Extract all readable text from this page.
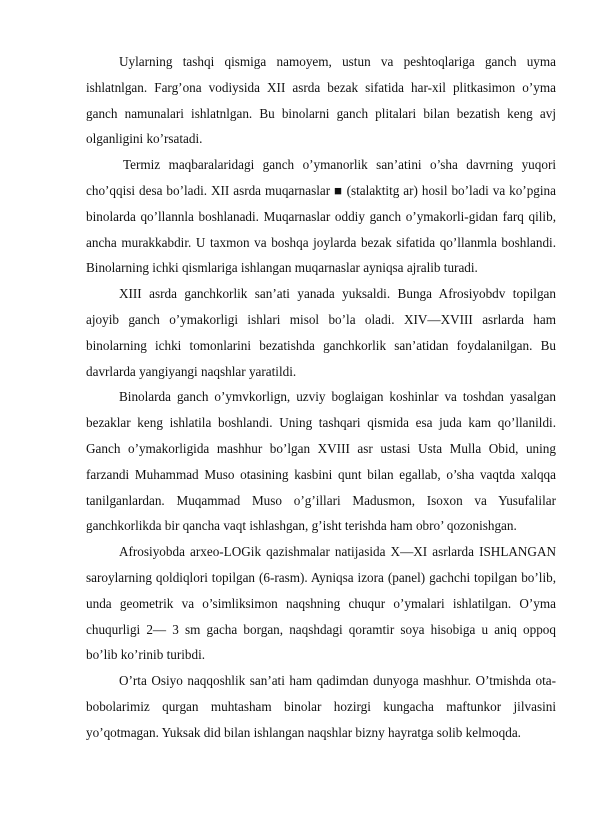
Uylarning tashqi qismiga namoyem, ustun va peshtoqlariga ganch uyma ishlatnlgan. Farg’ona vodiysida XII asrda bezak sifatida har-xil plitkasimon o’yma ganch namunalari ishlatnlgan. Bu binolarni ganch plitalari bilan bezatish keng avj olganligini ko’rsatadi.

Termiz maqbaralaridagi ganch o’ymanorlik san’atini o’sha davrning yuqori cho’qqisi desa bo’ladi. XII asrda muqarnaslar ■ (stalaktitg ar) hosil bo’ladi va ko’pgina binolarda qo’llannla boshlanadi. Muqarnaslar oddiy ganch o’ymakorli-gidan farq qilib, ancha murakkabdir. U taxmon va boshqa joylarda bezak sifatida qo’llanmla boshlandi. Binolarning ichki qismlariga ishlangan muqarnaslar ayniqsa ajralib turadi.

XIII asrda ganchkorlik san’ati yanada yuksaldi. Bunga Afrosiyobdv topilgan ajoyib ganch o’ymakorligi ishlari misol bo’la oladi. XIV—XVIII asrlarda ham binolarning ichki tomonlarini bezatishda ganchkorlik san’atidan foydalanilgan. Bu davrlarda yangiyangi naqshlar yaratildi.

Binolarda ganch o’ymvkorlign, uzviy boglaigan koshinlar va toshdan yasalgan bezaklar keng ishlatila boshlandi. Uning tashqari qismida esa juda kam qo’llanildi. Ganch o’ymakorligida mashhur bo’lgan XVIII asr ustasi Usta Mulla Obid, uning farzandi Muhammad Muso otasining kasbini qunt bilan egallab, o’sha vaqtda xalqqa tanilganlardan. Muqammad Muso o’g’illari Madusmon, Isoxon va Yusufalilar ganchkorlikda bir qancha vaqt ishlashgan, g’isht terishda ham obro’ qozonishgan.

Afrosiyobda arxeo-LOGik qazishmalar natijasida X—XI asrlarda ISHLANGAN saroylarning qoldiqlori topilgan (6-rasm). Ayniqsa izora (panel) gachchi topilgan bo’lib, unda geometrik va o’simliksimon naqshning chuqur o’ymalari ishlatilgan. O’yma chuqurligi 2— 3 sm gacha borgan, naqshdagi qoramtir soya hisobiga u aniq oppoq bo’lib ko’rinib turibdi.

O’rta Osiyo naqqoshlik san’ati ham qadimdan dunyoga mashhur. O’tmishda ota-bobolarimiz qurgan muhtasham binolar hozirgi kungacha maftunkor jilvasini yo’qotmagan. Yuksak did bilan ishlangan naqshlar bizny hayratga solib kelmoqda.
